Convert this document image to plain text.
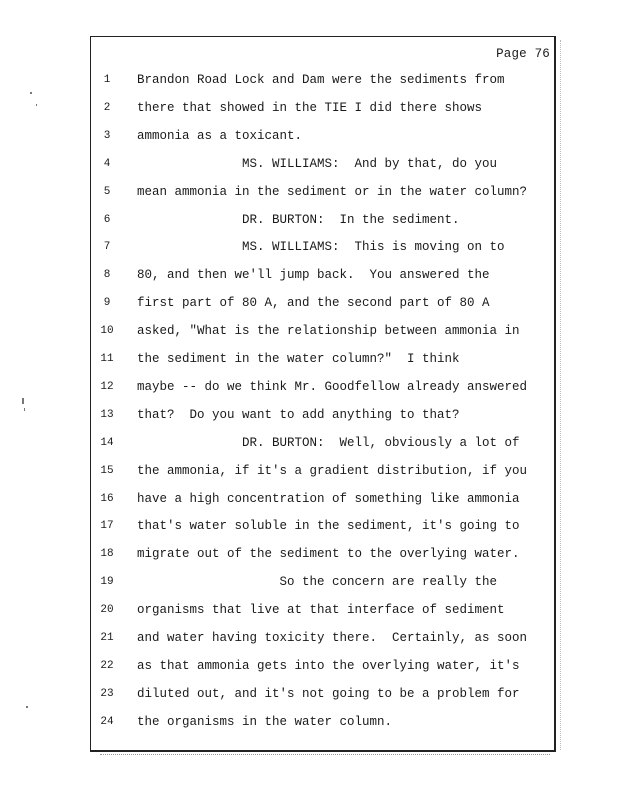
Page 76
1	Brandon Road Lock and Dam were the sediments from
2	there that showed in the TIE I did there shows
3	ammonia as a toxicant.
4	MS. WILLIAMS:  And by that, do you
5	mean ammonia in the sediment or in the water column?
6	DR. BURTON:  In the sediment.
7	MS. WILLIAMS:  This is moving on to
8	80, and then we'll jump back.  You answered the
9	first part of 80 A, and the second part of 80 A
10	asked, "What is the relationship between ammonia in
11	the sediment in the water column?"  I think
12	maybe -- do we think Mr. Goodfellow already answered
13	that?  Do you want to add anything to that?
14	DR. BURTON:  Well, obviously a lot of
15	the ammonia, if it's a gradient distribution, if you
16	have a high concentration of something like ammonia
17	that's water soluble in the sediment, it's going to
18	migrate out of the sediment to the overlying water.
19	So the concern are really the
20	organisms that live at that interface of sediment
21	and water having toxicity there.  Certainly, as soon
22	as that ammonia gets into the overlying water, it's
23	diluted out, and it's not going to be a problem for
24	the organisms in the water column.
